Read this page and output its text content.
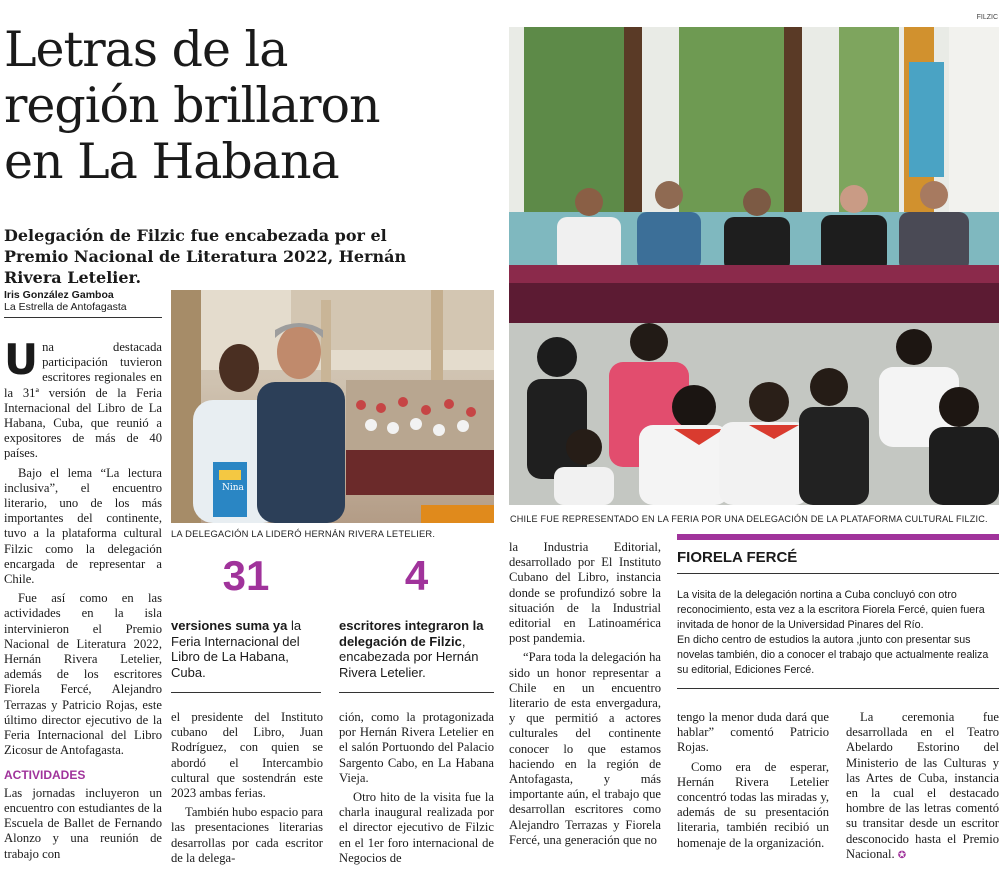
Letras de la
región brillaron
en La Habana
Delegación de Filzic fue encabezada por el Premio Nacional de Literatura 2022, Hernán Rivera Letelier.
Iris González Gamboa
La Estrella de Antofagasta

U na destacada participación tuvieron escritores regionales en la 31ª versión de la Feria Internacional del Libro de La Habana, Cuba, que reunió a expositores de más de 40 países.

Bajo el lema “La lectura inclusiva”, el encuentro literario, uno de los más importantes del continente, tuvo a la plataforma cultural Filzic como la delegación encargada de representar a Chile.

Fue así como en las actividades en la isla intervinieron el Premio Nacional de Literatura 2022, Hernán Rivera Letelier, además de los escritores Fiorela Fercé, Alejandro Terrazas y Patricio Rojas, este último director ejecutivo de la Feria Internacional del Libro Zicosur de Antofagasta.

ACTIVIDADES

Las jornadas incluyeron un encuentro con estudiantes de la Escuela de Ballet de Fernando Alonzo y una reunión de trabajo con

Nina
LA DELEGACIÓN LA LIDERÓ HERNÁN RIVERA LETELIER.
31
versiones suma ya la Feria Internacional del Libro de La Habana, Cuba.
4
escritores integraron la delegación de Filzic, encabezada por Hernán Rivera Letelier.

el presidente del Instituto cubano del Libro, Juan Rodríguez, con quien se abordó el Intercambio cultural que sostendrán este 2023 ambas ferias.

También hubo espacio para las presentaciones literarias desarrollas por cada escritor de la delega-

ción, como la protagonizada por Hernán Rivera Letelier en el salón Portuondo del Palacio Sargento Cabo, en La Habana Vieja.

Otro hito de la visita fue la charla inaugural realizada por el director ejecutivo de Filzic en el 1er foro internacional de Negocios de

FILZIC
CHILE FUE REPRESENTADO EN LA FERIA POR UNA DELEGACIÓN DE LA PLATAFORMA CULTURAL FILZIC.

la Industria Editorial, desarrollado por El Instituto Cubano del Libro, instancia donde se profundizó sobre la situación de la Industrial editorial en Latinoamérica post pandemia.

“Para toda la delegación ha sido un honor representar a Chile en un encuentro literario de esta envergadura, y que permitió a actores culturales del continente conocer lo que estamos haciendo en la región de Antofagasta, y más importante aún, el trabajo que desarrollan escritores como Alejandro Terrazas y Fiorela Fercé, una generación que no

FIORELA FERCÉ
La visita de la delegación nortina a Cuba concluyó con otro reconocimiento, esta vez a la escritora Fiorela Fercé, quien fuera invitada de honor de la Universidad Pinares del Río.
En dicho centro de estudios la autora ,junto con presentar sus novelas también, dio a conocer el trabajo que actualmente realiza su editorial, Ediciones Fercé.

tengo la menor duda dará que hablar” comentó Patricio Rojas.

Como era de esperar, Hernán Rivera Letelier concentró todas las miradas y, además de su presentación literaria, también recibió un homenaje de la organización.

La ceremonia fue desarrollada en el Teatro Abelardo Estorino del Ministerio de las Culturas y las Artes de Cuba, instancia en la cual el destacado hombre de las letras comentó su transitar desde un escritor desconocido hasta el Premio Nacional. ✪
